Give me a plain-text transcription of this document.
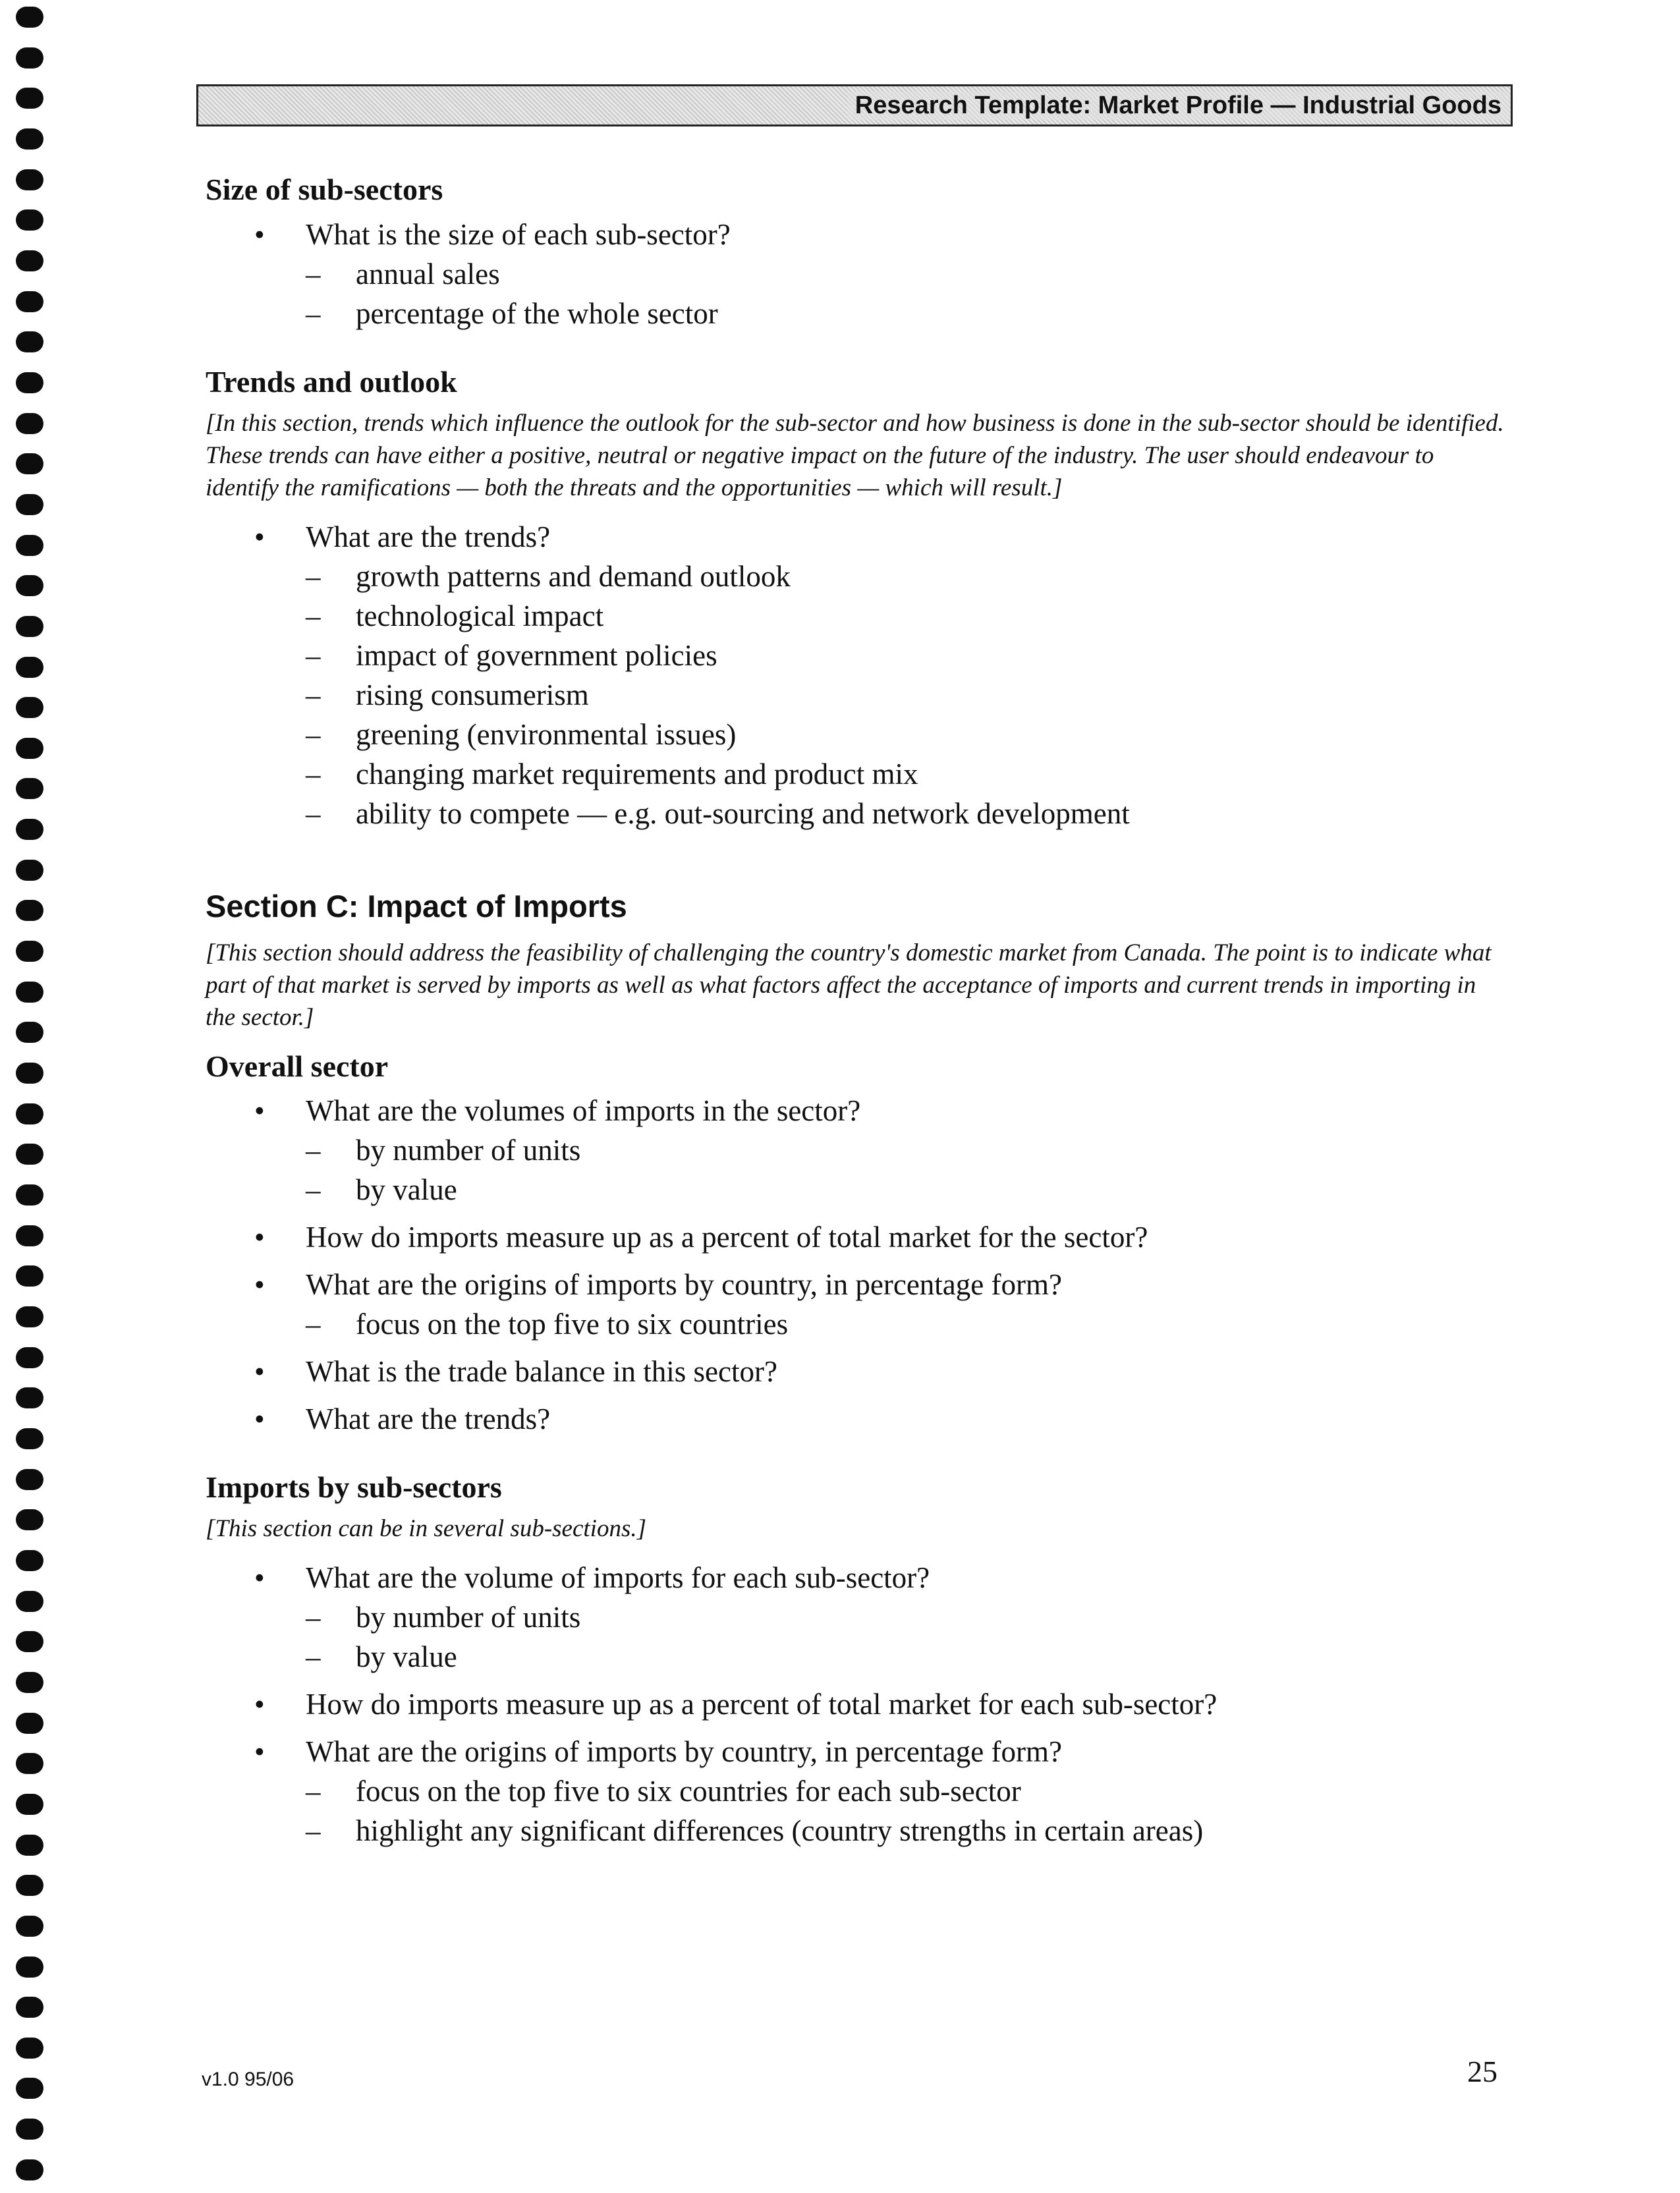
Research Template: Market Profile — Industrial Goods
Size of sub-sectors
• What is the size of each sub-sector?
– annual sales
– percentage of the whole sector
Trends and outlook

[In this section, trends which influence the outlook for the sub-sector and how business is done in the sub-sector should be identified. These trends can have either a positive, neutral or negative impact on the future of the industry. The user should endeavour to identify the ramifications — both the threats and the opportunities — which will result.]

• What are the trends?
– growth patterns and demand outlook
– technological impact
– impact of government policies
– rising consumerism
– greening (environmental issues)
– changing market requirements and product mix
– ability to compete — e.g. out-sourcing and network development
Section C: Impact of Imports

[This section should address the feasibility of challenging the country's domestic market from Canada. The point is to indicate what part of that market is served by imports as well as what factors affect the acceptance of imports and current trends in importing in the sector.]

Overall sector
• What are the volumes of imports in the sector?
– by number of units
– by value
• How do imports measure up as a percent of total market for the sector?
• What are the origins of imports by country, in percentage form?
– focus on the top five to six countries
• What is the trade balance in this sector?
• What are the trends?
Imports by sub-sectors

[This section can be in several sub-sections.]

• What are the volume of imports for each sub-sector?
– by number of units
– by value
• How do imports measure up as a percent of total market for each sub-sector?
• What are the origins of imports by country, in percentage form?
– focus on the top five to six countries for each sub-sector
– highlight any significant differences (country strengths in certain areas)
v1.0 95/06	25
